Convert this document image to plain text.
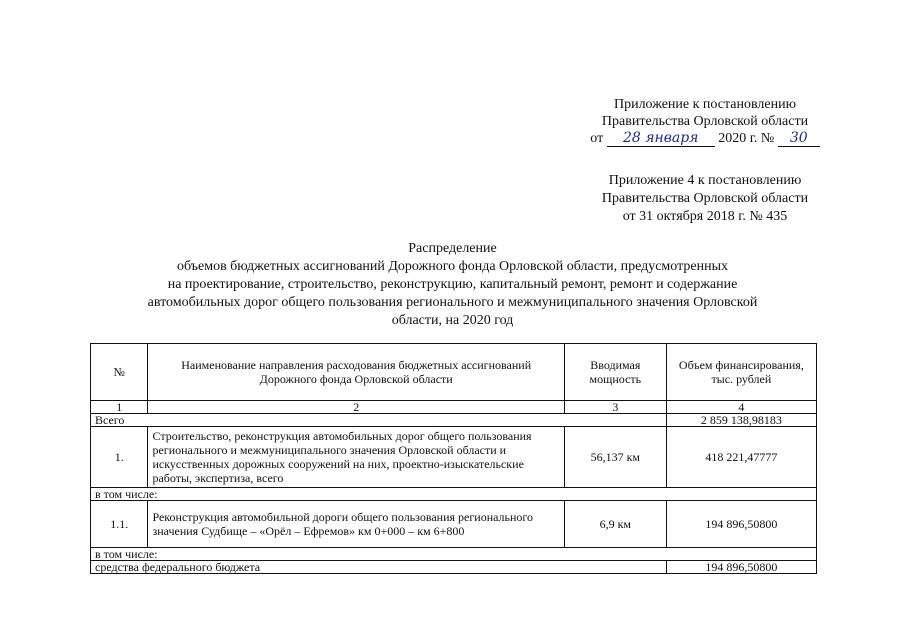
Приложение к постановлению
Правительства Орловской области
от 28 января 2020 г. № 30
Приложение 4 к постановлению
Правительства Орловской области
от 31 октября 2018 г. № 435
Распределение
объемов бюджетных ассигнований Дорожного фонда Орловской области, предусмотренных
на проектирование, строительство, реконструкцию, капитальный ремонт, ремонт и содержание
автомобильных дорог общего пользования регионального и межмуниципального значения Орловской
области, на 2020 год
№	Наименование направления расходования бюджетных ассигнований Дорожного фонда Орловской области	Вводимая мощность	Объем финансирования, тыс. рублей
1	2	3	4
Всего			2 859 138,98183
1.	Строительство, реконструкция автомобильных дорог общего пользования регионального и межмуниципального значения Орловской области и искусственных дорожных сооружений на них, проектно-изыскательские работы, экспертиза, всего	56,137 км	418 221,47777
в том числе:			
1.1.	Реконструкция автомобильной дороги общего пользования регионального значения Судбище – «Орёл – Ефремов» км 0+000 – км 6+800	6,9 км	194 896,50800
в том числе:			
средства федерального бюджета			194 896,50800
